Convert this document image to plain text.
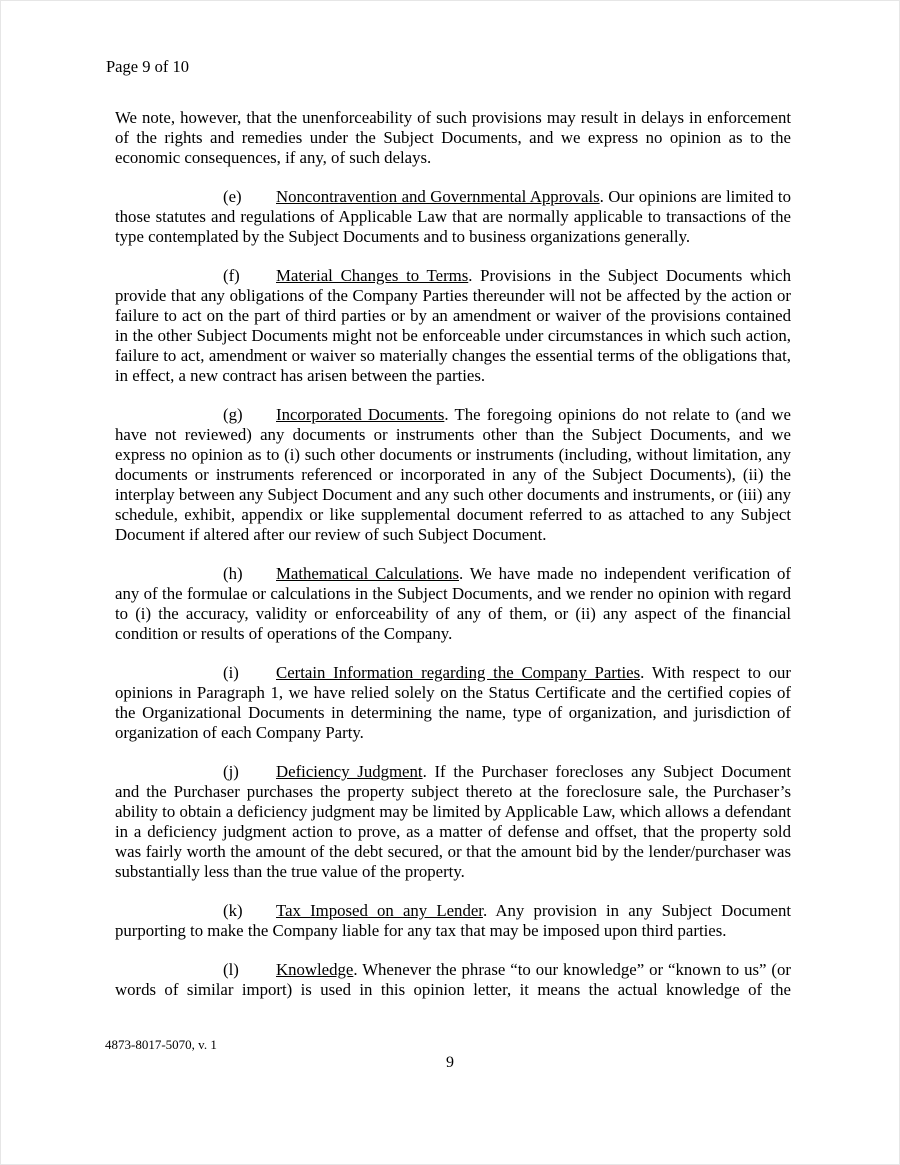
Page 9 of 10

We note, however, that the unenforceability of such provisions may result in delays in enforcement of the rights and remedies under the Subject Documents, and we express no opinion as to the economic consequences, if any, of such delays.

(e) Noncontravention and Governmental Approvals. Our opinions are limited to those statutes and regulations of Applicable Law that are normally applicable to transactions of the type contemplated by the Subject Documents and to business organizations generally.

(f) Material Changes to Terms. Provisions in the Subject Documents which provide that any obligations of the Company Parties thereunder will not be affected by the action or failure to act on the part of third parties or by an amendment or waiver of the provisions contained in the other Subject Documents might not be enforceable under circumstances in which such action, failure to act, amendment or waiver so materially changes the essential terms of the obligations that, in effect, a new contract has arisen between the parties.

(g) Incorporated Documents. The foregoing opinions do not relate to (and we have not reviewed) any documents or instruments other than the Subject Documents, and we express no opinion as to (i) such other documents or instruments (including, without limitation, any documents or instruments referenced or incorporated in any of the Subject Documents), (ii) the interplay between any Subject Document and any such other documents and instruments, or (iii) any schedule, exhibit, appendix or like supplemental document referred to as attached to any Subject Document if altered after our review of such Subject Document.

(h) Mathematical Calculations. We have made no independent verification of any of the formulae or calculations in the Subject Documents, and we render no opinion with regard to (i) the accuracy, validity or enforceability of any of them, or (ii) any aspect of the financial condition or results of operations of the Company.

(i) Certain Information regarding the Company Parties. With respect to our opinions in Paragraph 1, we have relied solely on the Status Certificate and the certified copies of the Organizational Documents in determining the name, type of organization, and jurisdiction of organization of each Company Party.

(j) Deficiency Judgment. If the Purchaser forecloses any Subject Document and the Purchaser purchases the property subject thereto at the foreclosure sale, the Purchaser’s ability to obtain a deficiency judgment may be limited by Applicable Law, which allows a defendant in a deficiency judgment action to prove, as a matter of defense and offset, that the property sold was fairly worth the amount of the debt secured, or that the amount bid by the lender/purchaser was substantially less than the true value of the property.

(k) Tax Imposed on any Lender. Any provision in any Subject Document purporting to make the Company liable for any tax that may be imposed upon third parties.

(l) Knowledge. Whenever the phrase “to our knowledge” or “known to us” (or words of similar import) is used in this opinion letter, it means the actual knowledge of the

4873-8017-5070, v. 1
9
